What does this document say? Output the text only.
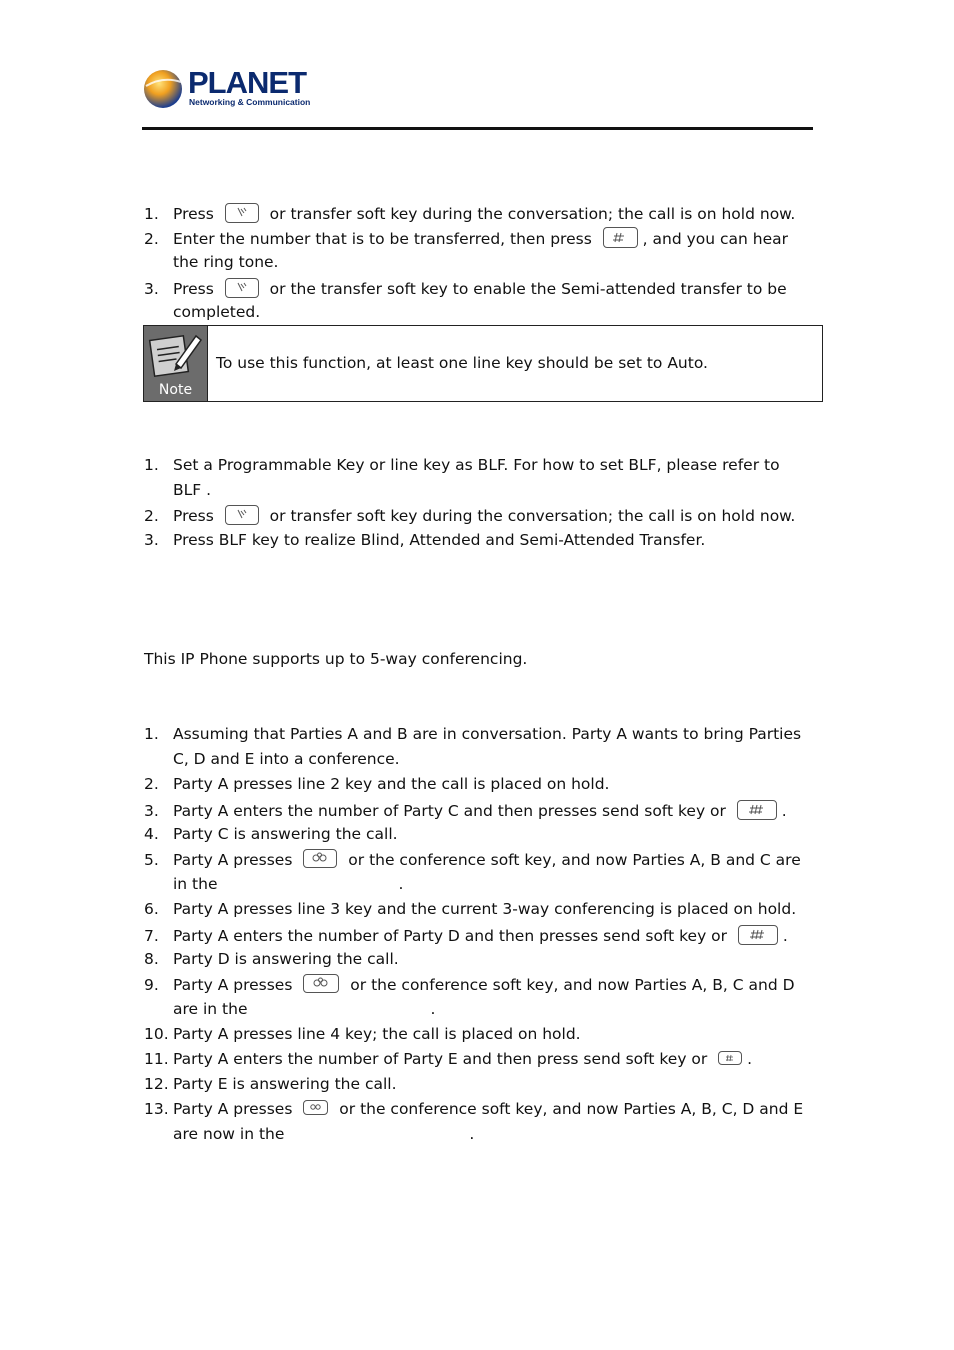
PLANET
Networking & Communication
1. Press	or transfer soft key during the conversation; the call is on hold now.
2. Enter the number that is to be transferred, then press	, and you can hear
the ring tone.
3. Press	or the transfer soft key to enable the Semi-attended transfer to be
completed.
Note
To use this function, at least one line key should be set to Auto.
1. Set a Programmable Key or line key as BLF. For how to set BLF, please refer to
BLF .
2. Press	or transfer soft key during the conversation; the call is on hold now.
3. Press BLF key to realize Blind, Attended and Semi-Attended Transfer.
This IP Phone supports up to 5-way conferencing.
1. Assuming that Parties A and B are in conversation. Party A wants to bring Parties
C, D and E into a conference.
2. Party A presses line 2 key and the call is placed on hold.
3. Party A enters the number of Party C and then presses send soft key or	.
4. Party C is answering the call.
5. Party A presses	or the conference soft key, and now Parties A, B and C are
in the	.
6. Party A presses line 3 key and the current 3-way conferencing is placed on hold.
7. Party A enters the number of Party D and then presses send soft key or	.
8. Party D is answering the call.
9. Party A presses	or the conference soft key, and now Parties A, B, C and D
are in the	.
10. Party A presses line 4 key; the call is placed on hold.
11. Party A enters the number of Party E and then press send soft key or	.
12. Party E is answering the call.
13. Party A presses	or the conference soft key, and now Parties A, B, C, D and E
are now in the	.
